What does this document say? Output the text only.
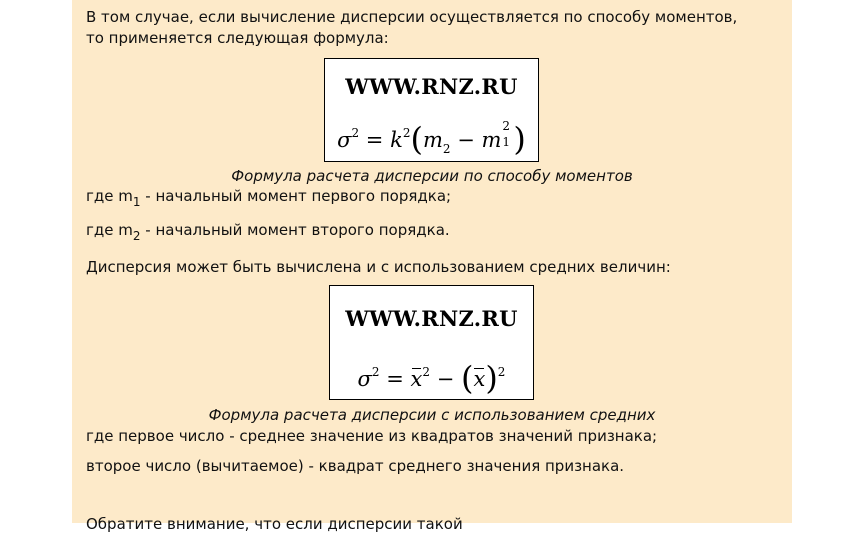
В том случае, если вычисление дисперсии осуществляется по способу моментов,

то применяется следующая формула:

WWW.RNZ.RU
$\sigma^2 = k^2(m_2 - m$
2
1 )
Формула расчета дисперсии по способу моментов

где $m_1$ - начальный момент первого порядка;

где $m_2$ - начальный момент второго порядка.

Дисперсия может быть вычислена и с использованием средних величин:

WWW.RNZ.RU
$\sigma^2 = x^2 - (x)^2$
Формула расчета дисперсии с использованием средних

где первое число - среднее значение из квадратов значений признака;

второе число (вычитаемое) - квадрат среднего значения признака.

Обратите внимание, что если дисперсии такой
